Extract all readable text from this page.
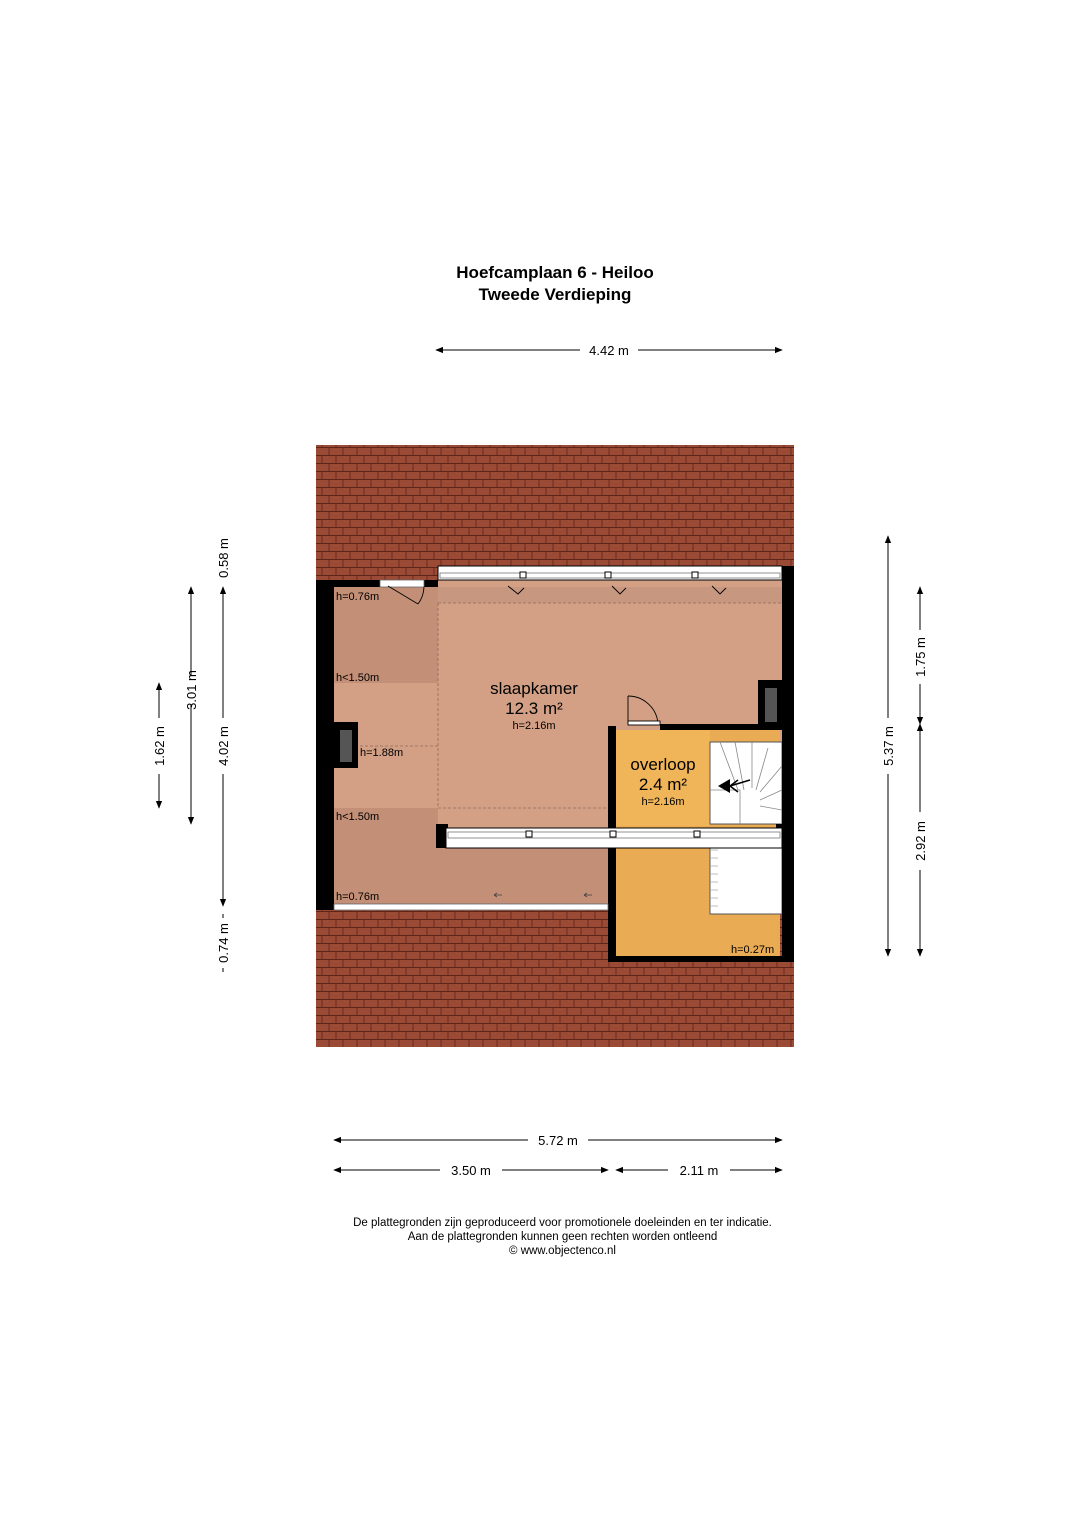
Hoefcamplaan 6 - Heiloo
Tweede Verdieping
slaapkamer
12.3 m²
h=2.16m
overloop
2.4 m²
h=2.16m
h=0.76m
h<1.50m
h=1.88m
h<1.50m
h=0.76m
h=0.27m
4.42 m
5.72 m
3.50 m	2.11 m
1.62 m
3.01 m
0.58 m
4.02 m
0.74 m
5.37 m
1.75 m
2.92 m
De plattegronden zijn geproduceerd voor promotionele doeleinden en ter indicatie.
Aan de plattegronden kunnen geen rechten worden ontleend
© www.objectenco.nl
